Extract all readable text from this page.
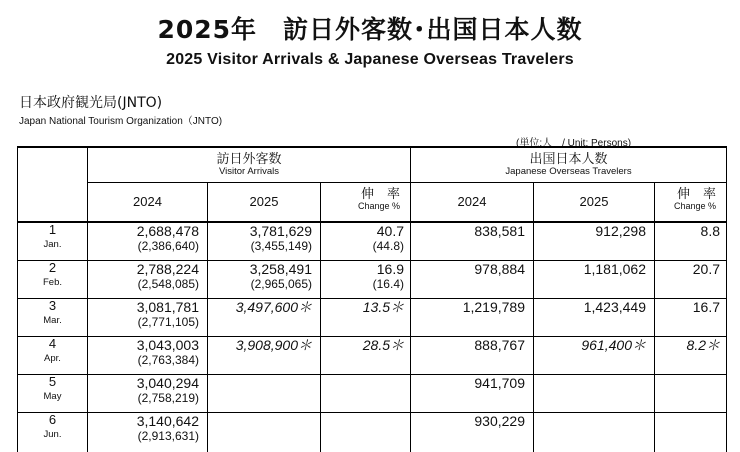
2025年　訪日外客数･出国日本人数
2025 Visitor Arrivals & Japanese Overseas Travelers
日本政府観光局(JNTO)
Japan National Tourism Organization（JNTO)
(単位:人　/ Unit: Persons)
	訪日外客数
Visitor Arrivals			出国日本人数
Japanese Overseas Travelers		

	2024	2025	伸　率
Change %	2024	2025	伸　率
Change %

1
Jan.	2,688,478
(2,386,640)	3,781,629
(3,455,149)	40.7
(44.8)	838,581	912,298	8.8
2
Feb.	2,788,224
(2,548,085)	3,258,491
(2,965,065)	16.9
(16.4)	978,884	1,181,062	20.7
3
Mar.	3,081,781
(2,771,105)	3,497,600＊	13.5＊	1,219,789	1,423,449	16.7
4
Apr.	3,043,003
(2,763,384)	3,908,900＊	28.5＊	888,767	961,400＊	8.2＊
5
May	3,040,294
(2,758,219)			941,709		
6
Jun.	3,140,642
(2,913,631)			930,229		
